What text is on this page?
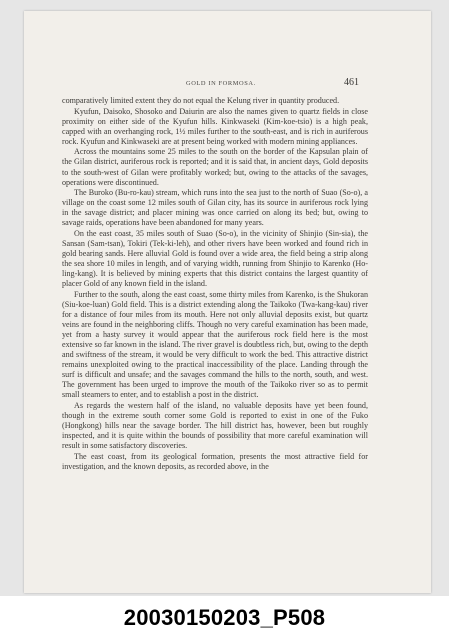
GOLD IN FORMOSA.	461

comparatively limited extent they do not equal the Kelung river in quantity produced.

Kyufun, Daisoko, Shosoko and Daiurin are also the names given to quartz fields in close proximity on either side of the Kyufun hills. Kinkwaseki (Kim-koe-tsio) is a high peak, capped with an overhanging rock, 1½ miles further to the south-east, and is rich in auriferous rock. Kyufun and Kinkwaseki are at present being worked with modern mining appliances.

Across the mountains some 25 miles to the south on the border of the Kapsulan plain of the Gilan district, auriferous rock is reported; and it is said that, in ancient days, Gold deposits to the south-west of Gilan were profitably worked; but, owing to the attacks of the savages, operations were discontinued.

The Buroko (Bu-ro-kau) stream, which runs into the sea just to the north of Suao (So-o), a village on the coast some 12 miles south of Gilan city, has its source in auriferous rock lying in the savage district; and placer mining was once carried on along its bed; but, owing to savage raids, operations have been abandoned for many years.

On the east coast, 35 miles south of Suao (So-o), in the vicinity of Shinjio (Sin-sia), the Sansan (Sam-tsan), Tokiri (Tek-ki-leh), and other rivers have been worked and found rich in gold bearing sands. Here alluvial Gold is found over a wide area, the field being a strip along the sea shore 10 miles in length, and of varying width, running from Shinjio to Karenko (Ho-ling-kang). It is believed by mining experts that this district contains the largest quantity of placer Gold of any known field in the island.

Further to the south, along the east coast, some thirty miles from Karenko, is the Shukoran (Siu-koe-luan) Gold field. This is a district extending along the Taikoko (Twa-kang-kau) river for a distance of four miles from its mouth. Here not only alluvial deposits exist, but quartz veins are found in the neighboring cliffs. Though no very careful examination has been made, yet from a hasty survey it would appear that the auriferous rock field here is the most extensive so far known in the island. The river gravel is doubtless rich, but, owing to the depth and swiftness of the stream, it would be very difficult to work the bed. This attractive district remains unexploited owing to the practical inaccessibility of the place. Landing through the surf is difficult and unsafe; and the savages command the hills to the north, south, and west. The government has been urged to improve the mouth of the Taikoko river so as to permit small steamers to enter, and to establish a post in the district.

As regards the western half of the island, no valuable deposits have yet been found, though in the extreme south corner some Gold is reported to exist in one of the Fuko (Hongkong) hills near the savage border. The hill district has, however, been but roughly inspected, and it is quite within the bounds of possibility that more careful examination will result in some satisfactory discoveries.

The east coast, from its geological formation, presents the most attractive field for investigation, and the known deposits, as recorded above, in the

20030150203_P508
